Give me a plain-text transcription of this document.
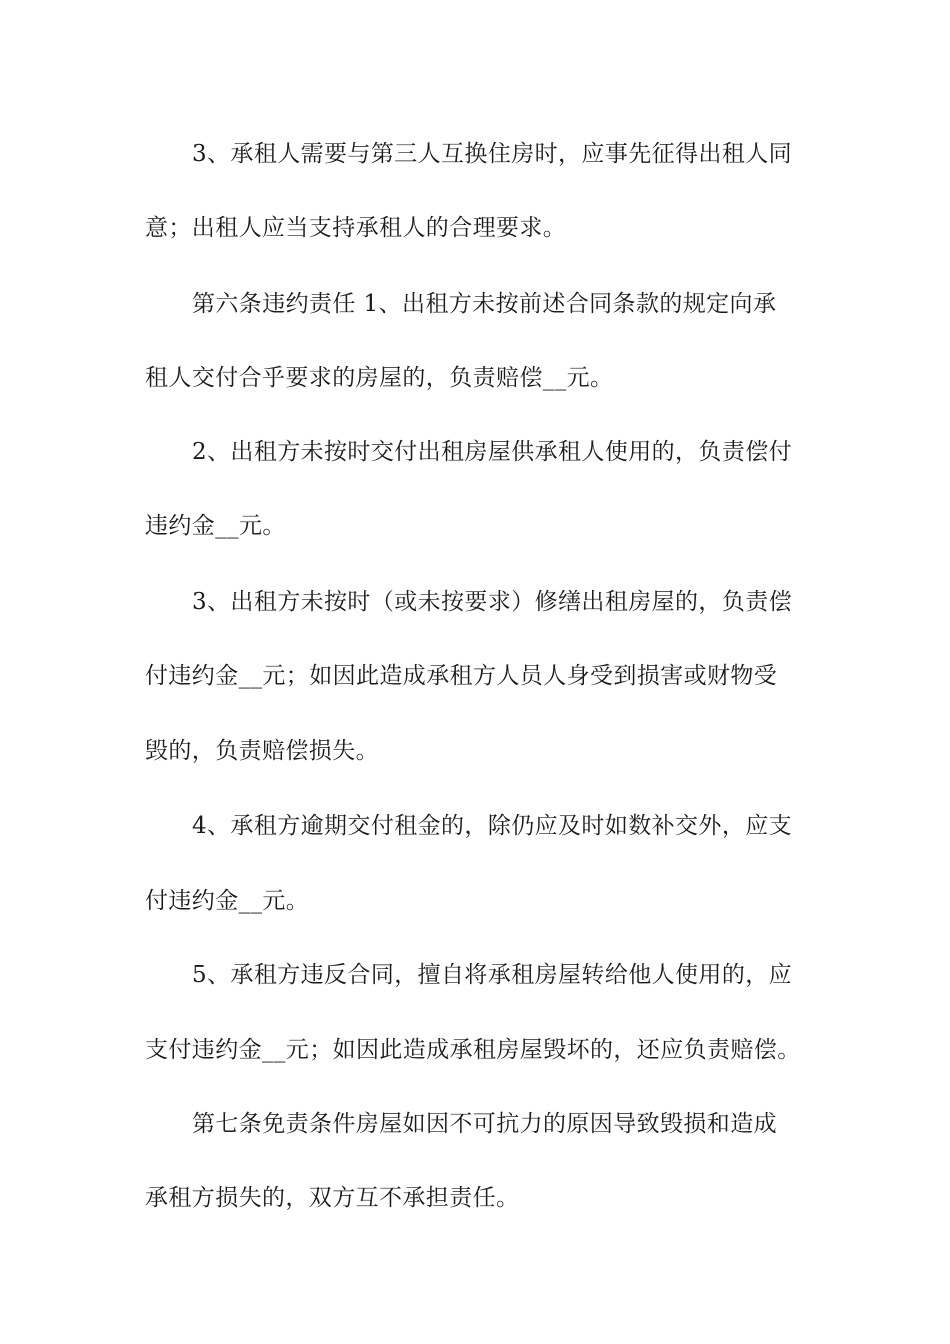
3、承租人需要与第三人互换住房时，应事先征得出租人同
意；出租人应当支持承租人的合理要求。
第六条违约责任 1、出租方未按前述合同条款的规定向承
租人交付合乎要求的房屋的，负责赔偿__元。
2、出租方未按时交付出租房屋供承租人使用的，负责偿付
违约金__元。
3、出租方未按时（或未按要求）修缮出租房屋的，负责偿
付违约金__元；如因此造成承租方人员人身受到损害或财物受
毁的，负责赔偿损失。
4、承租方逾期交付租金的，除仍应及时如数补交外，应支
付违约金__元。
5、承租方违反合同，擅自将承租房屋转给他人使用的，应
支付违约金__元；如因此造成承租房屋毁坏的，还应负责赔偿。
第七条免责条件房屋如因不可抗力的原因导致毁损和造成
承租方损失的，双方互不承担责任。
